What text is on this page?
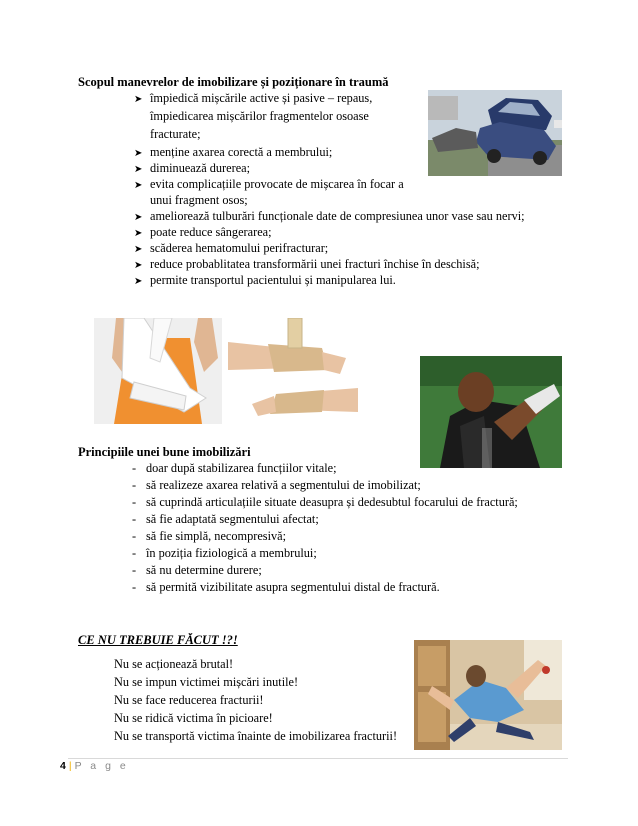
Scopul manevrelor de imobilizare și poziționare în traumă
➤ împiedică mișcările active și pasive – repaus,
împiedicarea mișcărilor fragmentelor osoase
fracturate;
➤ menține axarea corectă a membrului;
➤ diminuează durerea;
➤ evita complicațiile provocate de mișcarea în focar a
unui fragment osos;
➤ ameliorează tulburări funcționale date de compresiunea unor vase sau nervi;
➤ poate reduce sângerarea;
➤ scăderea hematomului perifracturar;
➤ reduce probablitatea transformării unei fracturi închise în deschisă;
➤ permite transportul pacientului și manipularea lui.
Principiile unei bune imobilizări
- doar după stabilizarea funcțiilor vitale;
- să realizeze axarea relativă a segmentului de imobilizat;
- să cuprindă articulațiile situate deasupra și dedesubtul focarului de fractură;
- să fie adaptată segmentului afectat;
- să fie simplă, necompresivă;
- în poziția fiziologică a membrului;
- să nu determine durere;
- să permită vizibilitate asupra segmentului distal de fractură.
CE NU TREBUIE FĂCUT !?!
Nu se acționează brutal!
Nu se impun victimei mișcări inutile!
Nu se face reducerea fracturii!
Nu se ridică victima în picioare!
Nu se transportă victima înainte de imobilizarea fracturii!
4 | P a g e
